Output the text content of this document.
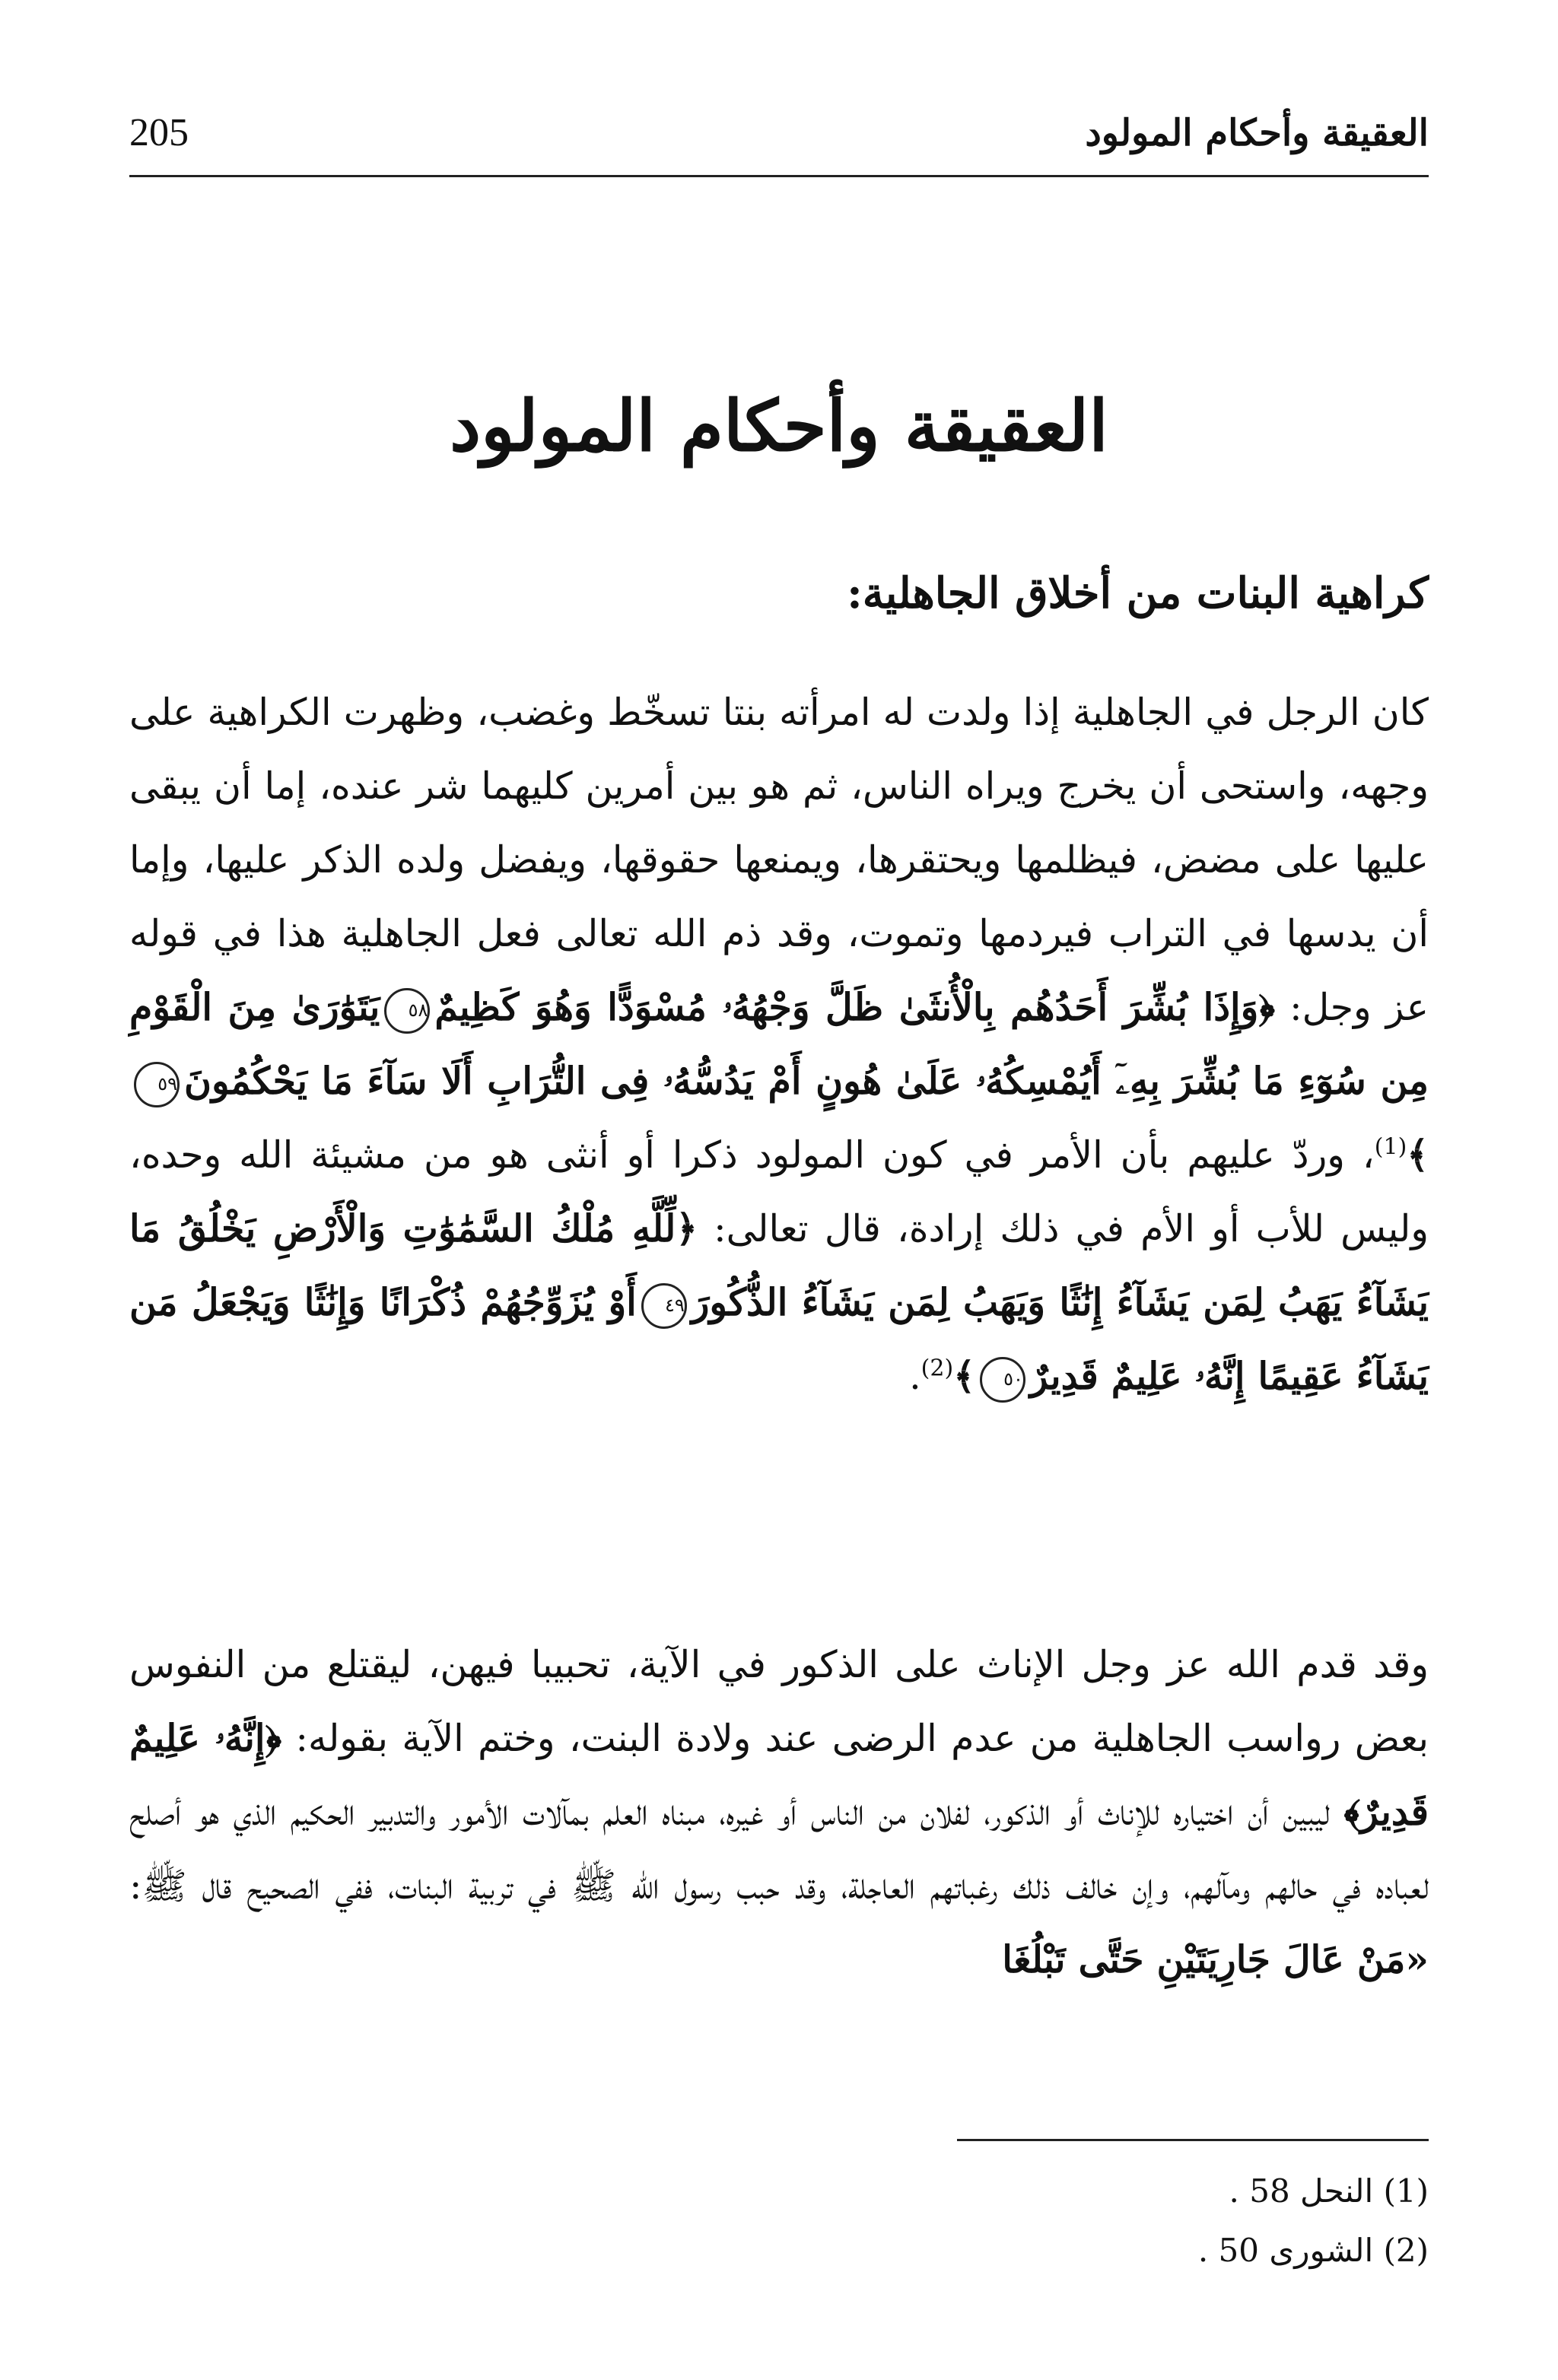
العقيقة وأحكام المولود
205
العقيقة وأحكام المولود
كراهية البنات من أخلاق الجاهلية:

كان الرجل في الجاهلية إذا ولدت له امرأته بنتا تسخّط وغضب، وظهرت الكراهية على وجهه، واستحى أن يخرج ويراه الناس، ثم هو بين أمرين كليهما شر عنده، إما أن يبقى عليها على مضض، فيظلمها ويحتقرها، ويمنعها حقوقها، ويفضل ولده الذكر عليها، وإما أن يدسها في التراب فيردمها وتموت، وقد ذم الله تعالى فعل الجاهلية هذا في قوله عز وجل: ﴿وَإِذَا بُشِّرَ أَحَدُهُم بِالْأُنثَىٰ ظَلَّ وَجْهُهُۥ مُسْوَدًّا وَهُوَ كَظِيمٌ٥٨يَتَوَٰرَىٰ مِنَ الْقَوْمِ مِن سُوٓءِ مَا بُشِّرَ بِهِۦٓ أَيُمْسِكُهُۥ عَلَىٰ هُونٍ أَمْ يَدُسُّهُۥ فِى التُّرَابِ أَلَا سَآءَ مَا يَحْكُمُونَ٥٩﴾$^{(1)}$، وردّ عليهم بأن الأمر في كون المولود ذكرا أو أنثى هو من مشيئة الله وحده، وليس للأب أو الأم في ذلك إرادة، قال تعالى: ﴿لِّلَّهِ مُلْكُ السَّمَٰوَٰتِ وَالْأَرْضِ يَخْلُقُ مَا يَشَآءُ يَهَبُ لِمَن يَشَآءُ إِنَٰثًا وَيَهَبُ لِمَن يَشَآءُ الذُّكُورَ٤٩أَوْ يُزَوِّجُهُمْ ذُكْرَانًا وَإِنَٰثًا وَيَجْعَلُ مَن يَشَآءُ عَقِيمًا إِنَّهُۥ عَلِيمٌ قَدِيرٌ٥٠﴾$^{(2)}$.

وقد قدم الله عز وجل الإناث على الذكور في الآية، تحبيبا فيهن، ليقتلع من النفوس بعض رواسب الجاهلية من عدم الرضى عند ولادة البنت، وختم الآية بقوله: ﴿إِنَّهُۥ عَلِيمٌ قَدِيرٌ﴾ ليبين أن اختياره للإناث أو الذكور، لفلان من الناس أو غيره، مبناه العلم بمآلات الأمور والتدبير الحكيم الذي هو أصلح لعباده في حالهم ومآلهم، وإن خالف ذلك رغباتهم العاجلة، وقد حبب رسول الله ﷺ في تربية البنات، ففي الصحيح قال ﷺ: «مَنْ عَالَ جَارِيَتَيْنِ حَتَّى تَبْلُغَا

(1) النحل 58 .
(2) الشورى 50 .
